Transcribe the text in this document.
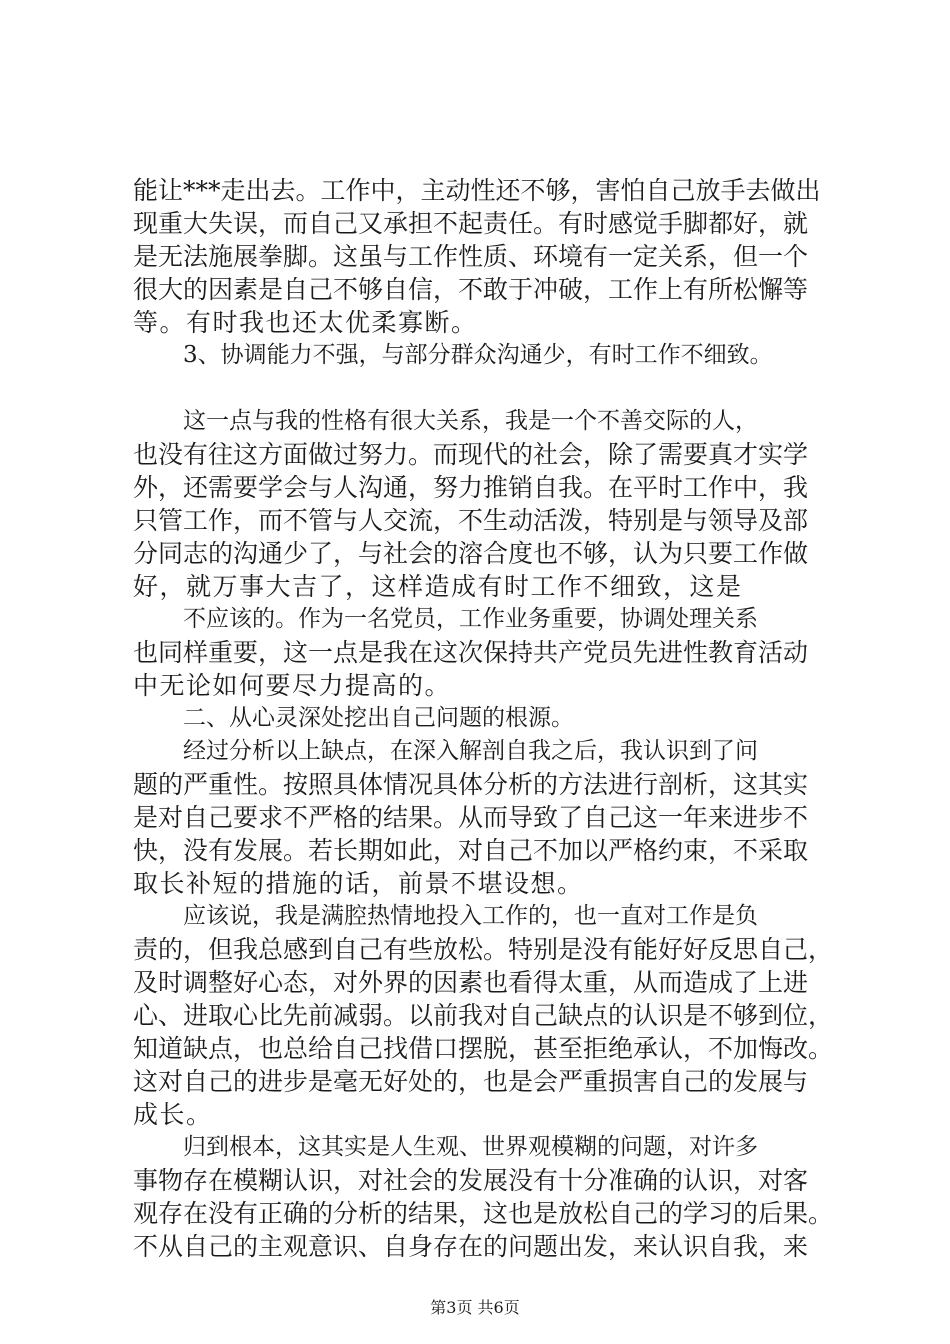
能让***走出去。工作中，主动性还不够，害怕自己放手去做出
现重大失误，而自己又承担不起责任。有时感觉手脚都好，就
是无法施展拳脚。这虽与工作性质、环境有一定关系，但一个
很大的因素是自己不够自信，不敢于冲破，工作上有所松懈等
等。有时我也还太优柔寡断。
3、协调能力不强，与部分群众沟通少，有时工作不细致。
这一点与我的性格有很大关系，我是一个不善交际的人，
也没有往这方面做过努力。而现代的社会，除了需要真才实学
外，还需要学会与人沟通，努力推销自我。在平时工作中，我
只管工作，而不管与人交流，不生动活泼，特别是与领导及部
分同志的沟通少了，与社会的溶合度也不够，认为只要工作做
好，就万事大吉了，这样造成有时工作不细致，这是
不应该的。作为一名党员，工作业务重要，协调处理关系
也同样重要，这一点是我在这次保持共产党员先进性教育活动
中无论如何要尽力提高的。
二、从心灵深处挖出自己问题的根源。
经过分析以上缺点，在深入解剖自我之后，我认识到了问
题的严重性。按照具体情况具体分析的方法进行剖析，这其实
是对自己要求不严格的结果。从而导致了自己这一年来进步不
快，没有发展。若长期如此，对自己不加以严格约束，不采取
取长补短的措施的话，前景不堪设想。
应该说，我是满腔热情地投入工作的，也一直对工作是负
责的，但我总感到自己有些放松。特别是没有能好好反思自己，
及时调整好心态，对外界的因素也看得太重，从而造成了上进
心、进取心比先前减弱。以前我对自己缺点的认识是不够到位，
知道缺点，也总给自己找借口摆脱，甚至拒绝承认，不加悔改。
这对自己的进步是毫无好处的，也是会严重损害自己的发展与
成长。
归到根本，这其实是人生观、世界观模糊的问题，对许多
事物存在模糊认识，对社会的发展没有十分准确的认识，对客
观存在没有正确的分析的结果，这也是放松自己的学习的后果。
不从自己的主观意识、自身存在的问题出发，来认识自我，来
第3页 共6页
